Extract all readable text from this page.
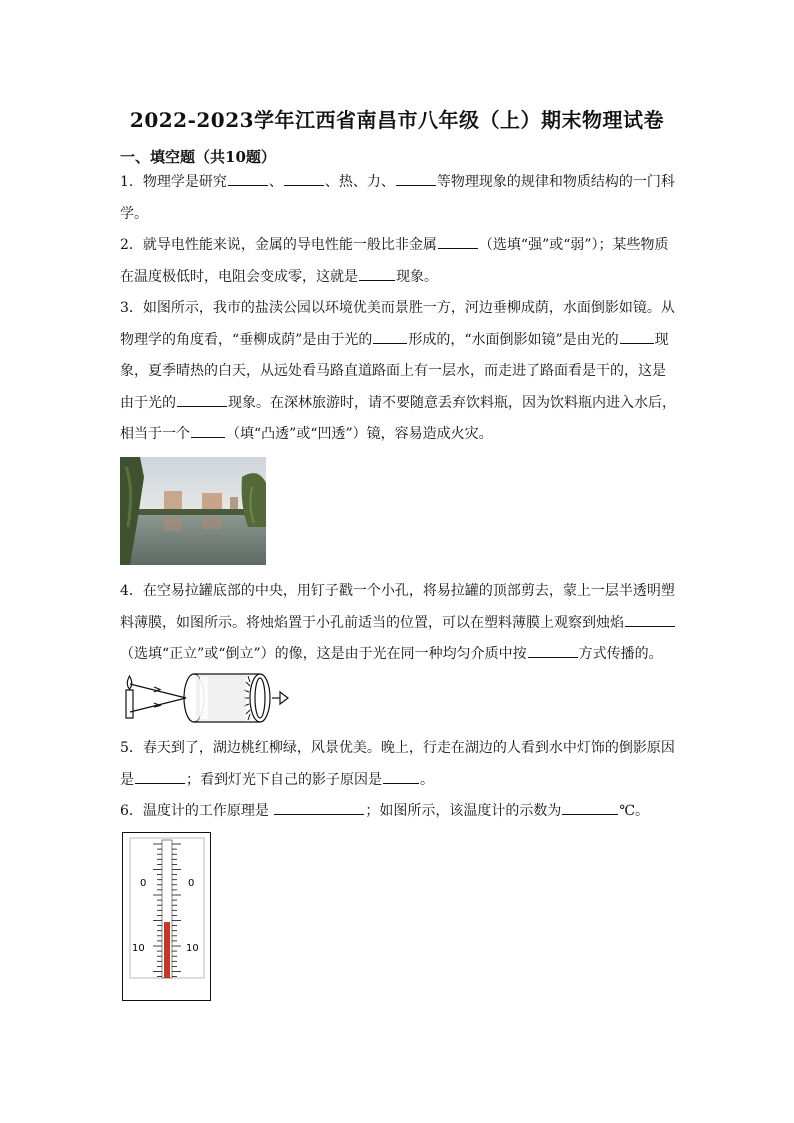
2022-2023学年江西省南昌市八年级（上）期末物理试卷
一、填空题（共10题）

1．物理学是研究	、	、热、力、	等物理现象的规律和物质结构的一门科学。

2．就导电性能来说，金属的导电性能一般比非金属	（选填“强”或“弱”）；某些物质在温度极低时，电阻会变成零，这就是	现象。

3．如图所示，我市的盐渎公园以环境优美而景胜一方，河边垂柳成荫，水面倒影如镜。从物理学的角度看，“垂柳成荫”是由于光的	形成的，“水面倒影如镜”是由光的	现象，夏季晴热的白天，从远处看马路直道路面上有一层水，而走进了路面看是干的，这是由于光的	现象。在深林旅游时，请不要随意丢弃饮料瓶，因为饮料瓶内进入水后，相当于一个	（填“凸透”或“凹透”）镜，容易造成火灾。

4．在空易拉罐底部的中央，用钉子戳一个小孔，将易拉罐的顶部剪去，蒙上一层半透明塑料薄膜，如图所示。将烛焰置于小孔前适当的位置，可以在塑料薄膜上观察到烛焰（选填“正立”或“倒立”）的像，这是由于光在同一种均匀介质中按	方式传播的。

5．春天到了，湖边桃红柳绿，风景优美。晚上，行走在湖边的人看到水中灯饰的倒影原因是	；看到灯光下自己的影子原因是	。

6．温度计的工作原理是	；如图所示，该温度计的示数为	℃。

0	0
10	10
